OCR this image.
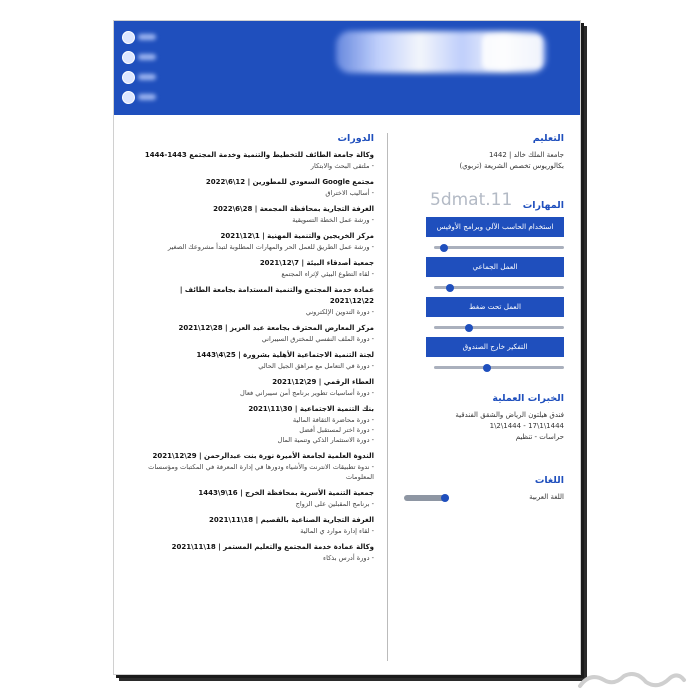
الدورات
وكالة جامعة الطائف للتخطيط والتنمية وخدمة المجتمع 1443-1444
- ملتقى البحث والابتكار
مجتمع Google السعودي للمطورين | 12\6\2022
- أساليب الاختراق
الغرفة التجارية بمحافظة المجمعة | 28\6\2022
- ورشة عمل الخطة التسويقية
مركز الخريجين والتنمية المهنية | 1\12\2021
- ورشة عمل الطريق للعمل الحر والمهارات المطلوبة لتبدأ مشروعك الصغير
جمعية أصدقاء البيئة | 7\12\2021
- لقاء التطوع البيئي لإثراء المجتمع
عمادة خدمة المجتمع والتنمية المستدامة بجامعة الطائف | 22\12\2021
- دورة التدوين الإلكتروني
مركز المعارض المحترف بجامعة عبد العزيز | 28\12\2021
- دورة الملف النفسي للمخترق السيبراني
لجنة التنمية الاجتماعية الأهلية بشرورة | 25\4\1443
- دورة في التعامل مع مراهق الجيل الحالي
العطاء الرقمي | 29\12\2021
- دورة أساسيات تطوير برنامج أمن سيبراني فعال
بنك التنمية الاجتماعية | 30\11\2021
- دورة محاضرة الثقافة المالية
- دورة اختر لمستقبل أفضل
- دورة الاستثمار الذكي وتنمية المال
الندوة العلمية لجامعة الأميرة نورة بنت عبدالرحمن | 29\12\2021
- ندوة تطبيقات الانترنت والأشياء ودورها في إدارة المعرفة في المكتبات ومؤسسات المعلومات
جمعية التنمية الأسرية بمحافظة الخرج | 16\9\1443
- برنامج المقبلين على الزواج
الغرفة التجارية الصناعية بالقصيم | 18\11\2021
- لقاء إدارة موارد ي المالية
وكالة عمادة خدمة المجتمع والتعليم المستمر | 18\11\2021
- دورة أدرس بذكاء
التعليم
جامعة الملك خالد | 1442
بكالوريوس تخصص الشريعة (تربوي)
المهارات
استخدام الحاسب الآلي وبرامج الأوفيس
العمل الجماعي
العمل تحت ضغط
التفكير خارج الصندوق
الخبرات العملية
فندق هيلتون الرياض والشقق الفندقية
1444\1\17 - 1444\2\1
حراسات - تنظيم
اللغات
اللغة العربية
5dmat.11
